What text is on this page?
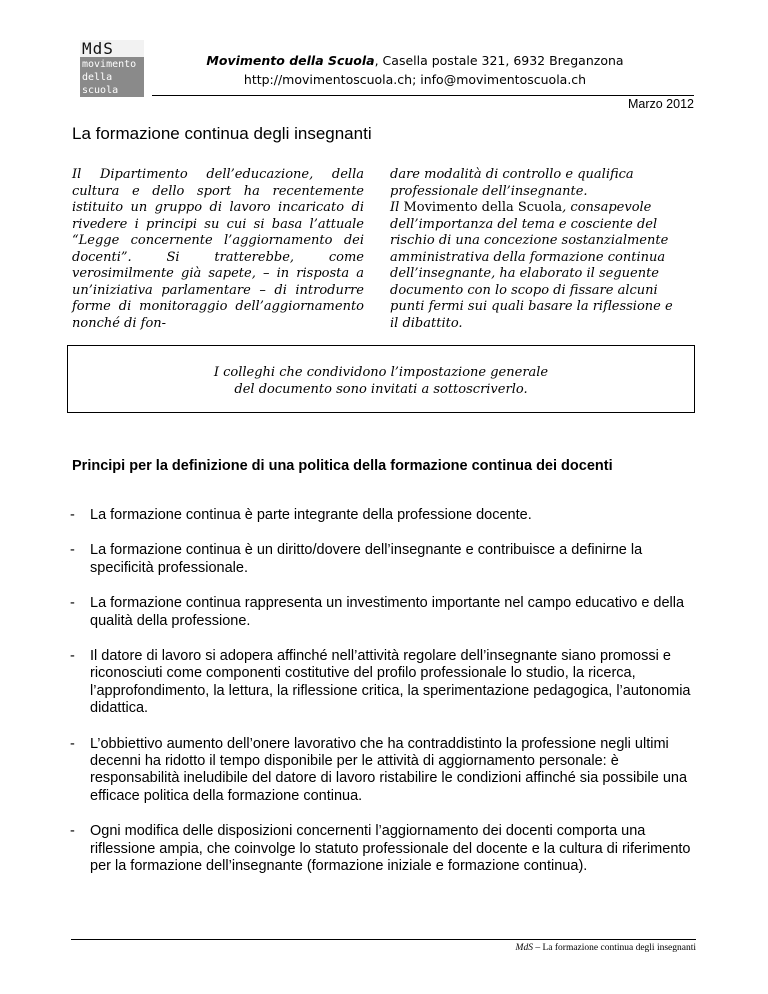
MdS
movimento
della
scuola
Movimento della Scuola, Casella postale 321, 6932 Breganzona
http://movimentoscuola.ch; info@movimentoscuola.ch
Marzo 2012
La formazione continua degli insegnanti

Il Dipartimento dell’educazione, della cultura e dello sport ha recentemente istituito un gruppo di lavoro incaricato di rivedere i principi su cui si basa l’attuale “Legge concernente l’aggiornamento dei docenti”. Si tratterebbe, come verosimilmente già sapete, – in risposta a un’iniziativa parlamentare – di introdurre forme di monitoraggio dell’aggiornamento nonché di fon-

dare modalità di controllo e qualifica professionale dell’insegnante.

Il Movimento della Scuola, consapevole dell’importanza del tema e cosciente del rischio di una concezione sostanzialmente amministrativa della formazione continua dell’insegnante, ha elaborato il seguente documento con lo scopo di fissare alcuni punti fermi sui quali basare la riflessione e il dibattito.

I colleghi che condividono l’impostazione generale
del documento sono invitati a sottoscriverlo.
Principi per la definizione di una politica della formazione continua dei docenti
- La formazione continua è parte integrante della professione docente.
- La formazione continua è un diritto/dovere dell’insegnante e contribuisce a definirne la specificità professionale.
- La formazione continua rappresenta un investimento importante nel campo educativo e della qualità della professione.
- Il datore di lavoro si adopera affinché nell’attività regolare dell’insegnante siano promossi e riconosciuti come componenti costitutive del profilo professionale lo studio, la ricerca, l’approfondimento, la lettura, la riflessione critica, la sperimentazione pedagogica, l’autonomia didattica.
- L’obbiettivo aumento dell’onere lavorativo che ha contraddistinto la professione negli ultimi decenni ha ridotto il tempo disponibile per le attività di aggiornamento personale: è responsabilità ineludibile del datore di lavoro ristabilire le condizioni affinché sia possibile una efficace politica della formazione continua.
- Ogni modifica delle disposizioni concernenti l’aggiornamento dei docenti comporta una riflessione ampia, che coinvolge lo statuto professionale del docente e la cultura di riferimento per la formazione dell’insegnante (formazione iniziale e formazione continua).
MdS – La formazione continua degli insegnanti
